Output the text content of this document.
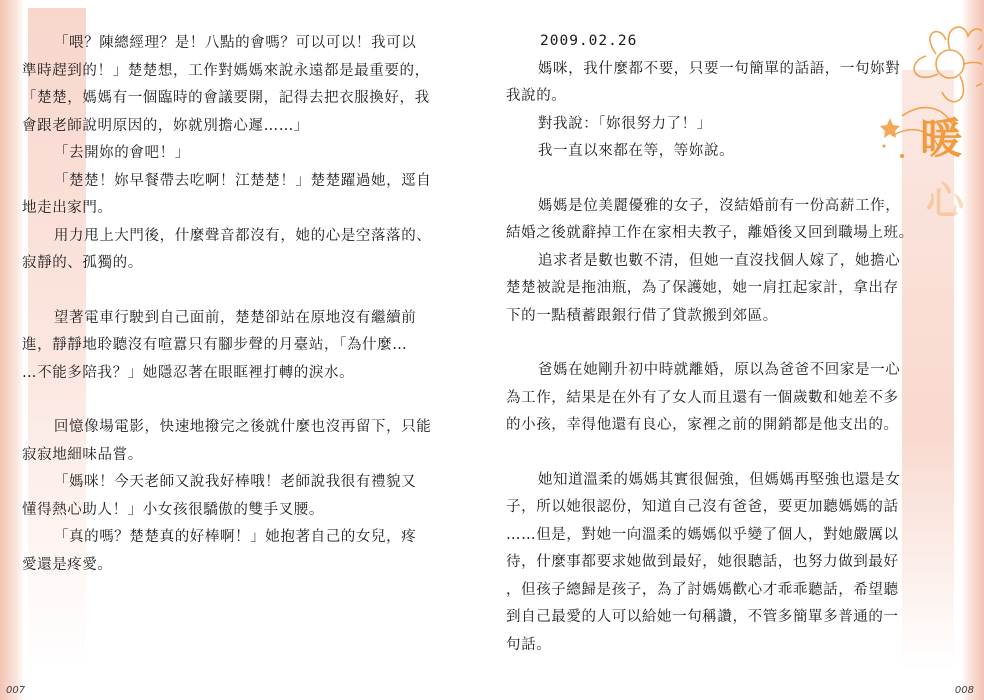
「喂？陳總經理？是！八點的會嗎？可以可以！我可以

準時趕到的！」楚楚想，工作對媽媽來說永遠都是最重要的，

「楚楚，媽媽有一個臨時的會議要開，記得去把衣服換好，我

會跟老師說明原因的，妳就別擔心遲……」

「去開妳的會吧！」

「楚楚！妳早餐帶去吃啊！江楚楚！」楚楚躍過她，逕自

地走出家門。

用力甩上大門後，什麼聲音都沒有，她的心是空落落的、

寂靜的、孤獨的。

望著電車行駛到自己面前，楚楚卻站在原地沒有繼續前

進，靜靜地聆聽沒有喧囂只有腳步聲的月臺站，「為什麼…

…不能多陪我？」她隱忍著在眼眶裡打轉的淚水。

回憶像場電影，快速地撥完之後就什麼也沒再留下，只能

寂寂地細味品嘗。

「媽咪！今天老師又說我好棒哦！老師說我很有禮貌又

懂得熱心助人！」小女孩很驕傲的雙手叉腰。

「真的嗎？楚楚真的好棒啊！」她抱著自己的女兒，疼

愛還是疼愛。

2009.02.26

媽咪，我什麼都不要，只要一句簡單的話語，一句妳對

我說的。

對我說：「妳很努力了！」

我一直以來都在等，等妳說。

媽媽是位美麗優雅的女子，沒結婚前有一份高薪工作，

結婚之後就辭掉工作在家相夫教子，離婚後又回到職場上班。

追求者是數也數不清，但她一直沒找個人嫁了，她擔心

楚楚被說是拖油瓶，為了保護她，她一肩扛起家計，拿出存

下的一點積蓄跟銀行借了貸款搬到郊區。

爸媽在她剛升初中時就離婚，原以為爸爸不回家是一心

為工作，結果是在外有了女人而且還有一個歲數和她差不多

的小孩，幸得他還有良心，家裡之前的開銷都是他支出的。

她知道溫柔的媽媽其實很倔強，但媽媽再堅強也還是女

子，所以她很認份，知道自己沒有爸爸，要更加聽媽媽的話

……但是，對她一向溫柔的媽媽似乎變了個人，對她嚴厲以

待，什麼事都要求她做到最好，她很聽話，也努力做到最好

，但孩子總歸是孩子，為了討媽媽歡心才乖乖聽話，希望聽

到自己最愛的人可以給她一句稱讚，不管多簡單多普通的一

句話。

暖
心
007	008
